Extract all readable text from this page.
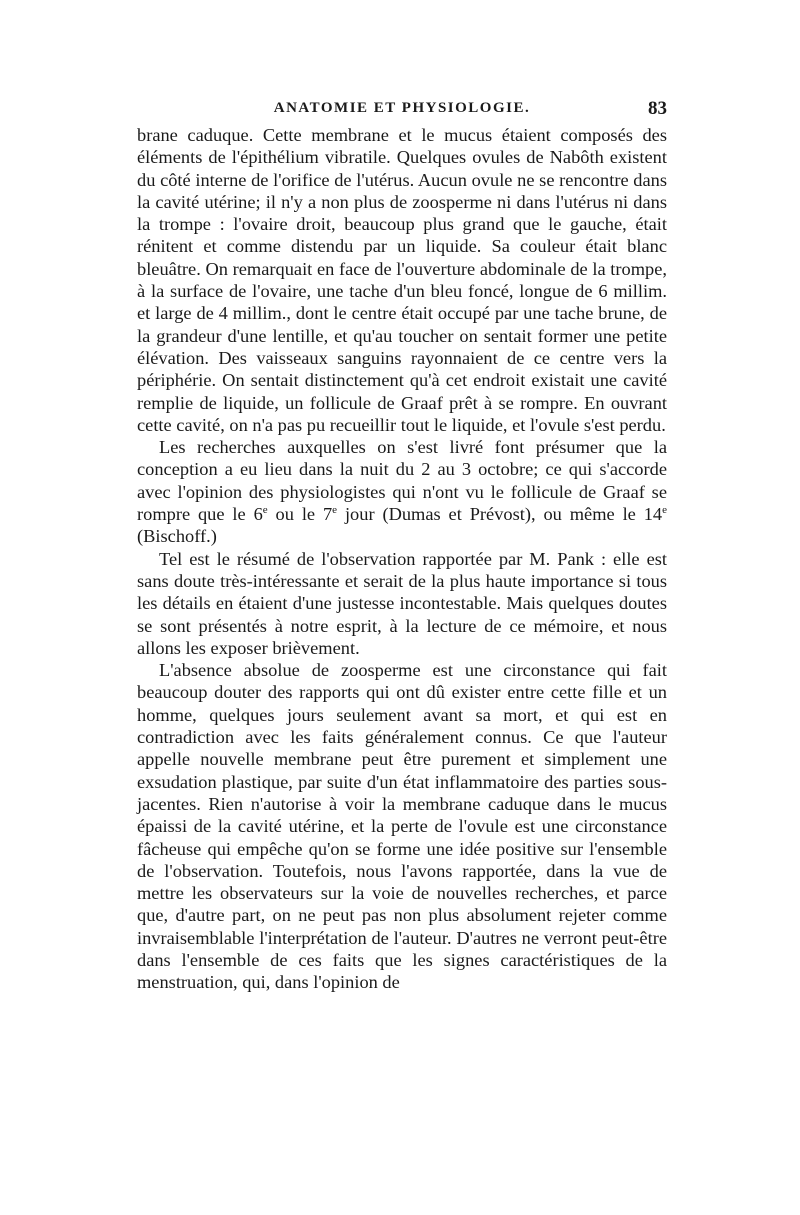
ANATOMIE ET PHYSIOLOGIE.	83

brane caduque. Cette membrane et le mucus étaient composés des éléments de l'épithélium vibratile. Quelques ovules de Nabôth existent du côté interne de l'orifice de l'utérus. Aucun ovule ne se rencontre dans la cavité utérine; il n'y a non plus de zoosperme ni dans l'utérus ni dans la trompe : l'ovaire droit, beaucoup plus grand que le gauche, était rénitent et comme distendu par un liquide. Sa couleur était blanc bleuâtre. On remarquait en face de l'ouverture abdominale de la trompe, à la surface de l'ovaire, une tache d'un bleu foncé, longue de 6 millim. et large de 4 millim., dont le centre était occupé par une tache brune, de la grandeur d'une lentille, et qu'au toucher on sentait former une petite élévation. Des vaisseaux sanguins rayonnaient de ce centre vers la périphérie. On sentait distinctement qu'à cet endroit existait une cavité remplie de liquide, un follicule de Graaf prêt à se rompre. En ouvrant cette cavité, on n'a pas pu recueillir tout le liquide, et l'ovule s'est perdu.

Les recherches auxquelles on s'est livré font présumer que la conception a eu lieu dans la nuit du 2 au 3 octobre; ce qui s'accorde avec l'opinion des physiologistes qui n'ont vu le follicule de Graaf se rompre que le 6e ou le 7e jour (Dumas et Prévost), ou même le 14e (Bischoff.)

Tel est le résumé de l'observation rapportée par M. Pank : elle est sans doute très-intéressante et serait de la plus haute importance si tous les détails en étaient d'une justesse incontestable. Mais quelques doutes se sont présentés à notre esprit, à la lecture de ce mémoire, et nous allons les exposer brièvement.

L'absence absolue de zoosperme est une circonstance qui fait beaucoup douter des rapports qui ont dû exister entre cette fille et un homme, quelques jours seulement avant sa mort, et qui est en contradiction avec les faits généralement connus. Ce que l'auteur appelle nouvelle membrane peut être purement et simplement une exsudation plastique, par suite d'un état inflammatoire des parties sous-jacentes. Rien n'autorise à voir la membrane caduque dans le mucus épaissi de la cavité utérine, et la perte de l'ovule est une circonstance fâcheuse qui empêche qu'on se forme une idée positive sur l'ensemble de l'observation. Toutefois, nous l'avons rapportée, dans la vue de mettre les observateurs sur la voie de nouvelles recherches, et parce que, d'autre part, on ne peut pas non plus absolument rejeter comme invraisemblable l'interprétation de l'auteur. D'autres ne verront peut-être dans l'ensemble de ces faits que les signes caractéristiques de la menstruation, qui, dans l'opinion de
